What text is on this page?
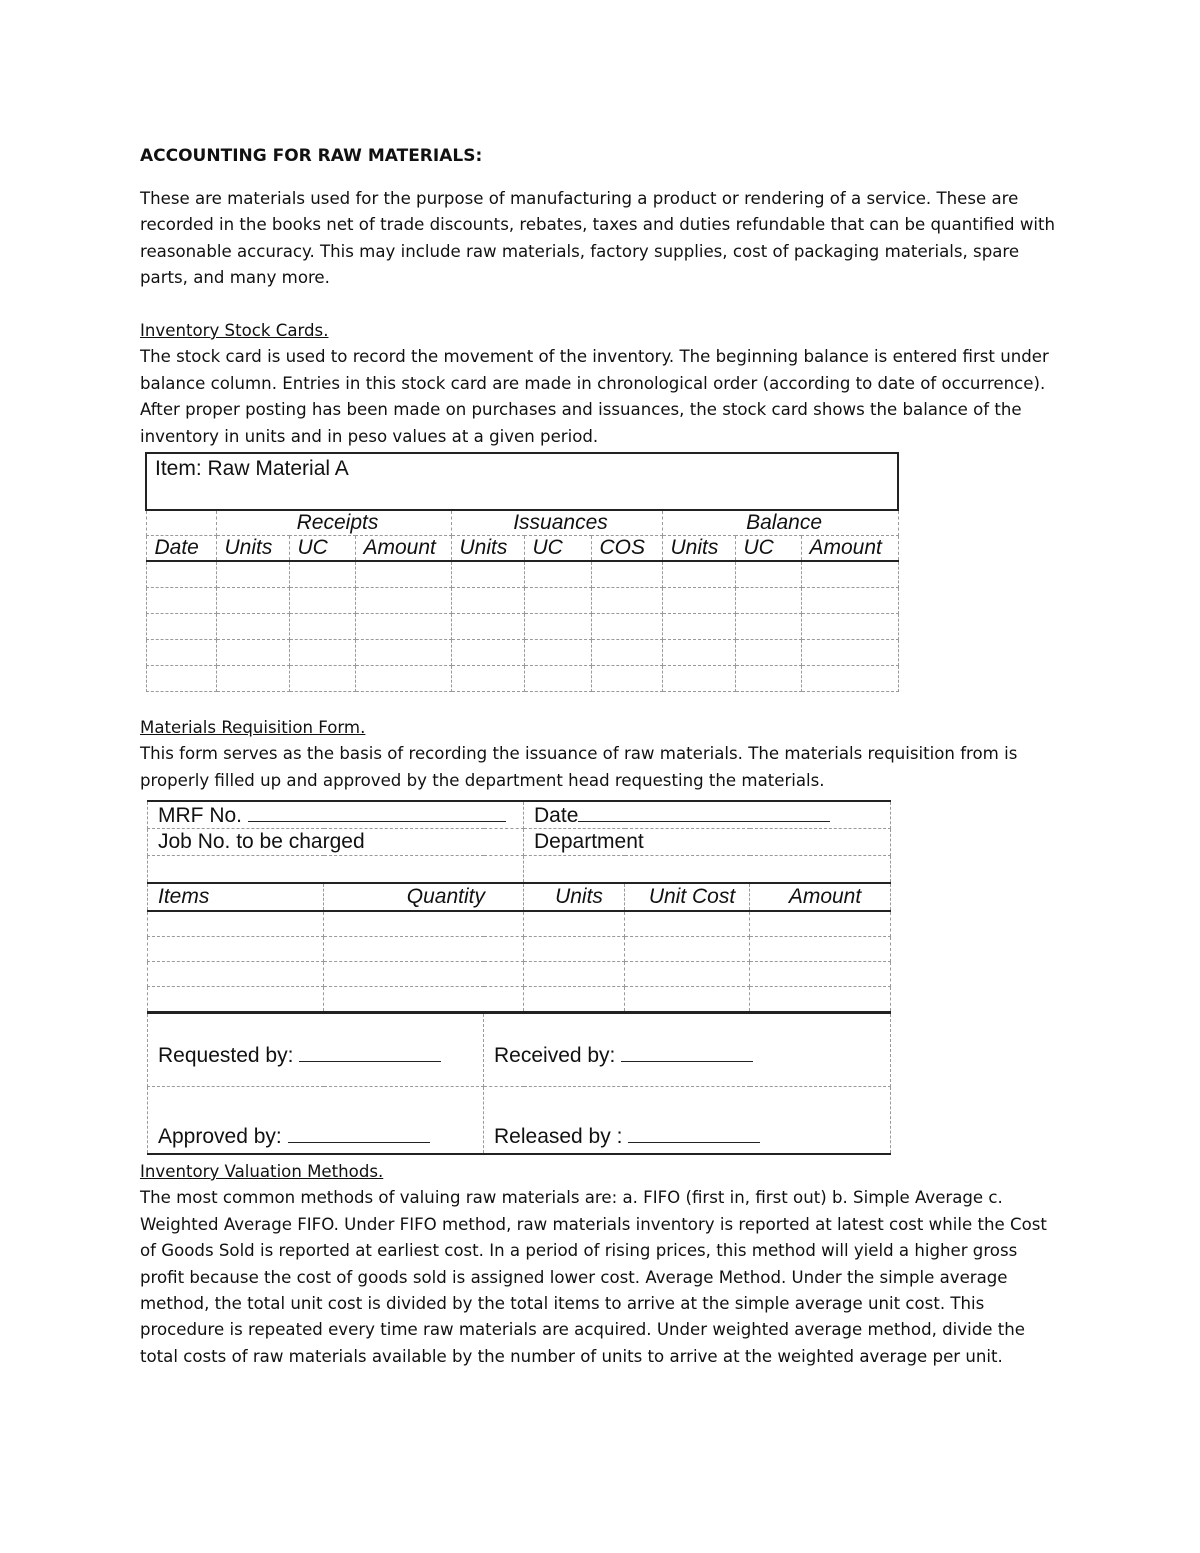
ACCOUNTING FOR RAW MATERIALS:

These are materials used for the purpose of manufacturing a product or rendering of a service. These are recorded in the books net of trade discounts, rebates, taxes and duties refundable that can be quantified with reasonable accuracy. This may include raw materials, factory supplies, cost of packaging materials, spare parts, and many more.

Inventory Stock Cards.
The stock card is used to record the movement of the inventory. The beginning balance is entered first under balance column. Entries in this stock card are made in chronological order (according to date of occurrence). After proper posting has been made on purchases and issuances, the stock card shows the balance of the inventory in units and in peso values at a given period.
Materials Requisition Form.
This form serves as the basis of recording the issuance of raw materials. The materials requisition from is properly filled up and approved by the department head requesting the materials.
Inventory Valuation Methods.
The most common methods of valuing raw materials are: a. FIFO (first in, first out) b. Simple Average c. Weighted Average FIFO. Under FIFO method, raw materials inventory is reported at latest cost while the Cost of Goods Sold is reported at earliest cost. In a period of rising prices, this method will yield a higher gross profit because the cost of goods sold is assigned lower cost. Average Method. Under the simple average method, the total unit cost is divided by the total items to arrive at the simple average unit cost. This procedure is repeated every time raw materials are acquired. Under weighted average method, divide the total costs of raw materials available by the number of units to arrive at the weighted average per unit.
Item: Raw Material A									
	Receipts			Issuances			Balance		
Date	Units	UC	Amount	Units	UC	COS	Units	UC	Amount

MRF No.			Date		
Job No. to be charged			Department		

Items	Quantity		Units	Unit Cost	Amount

Requested by:		Received by:			
Approved by:		Released by :			
